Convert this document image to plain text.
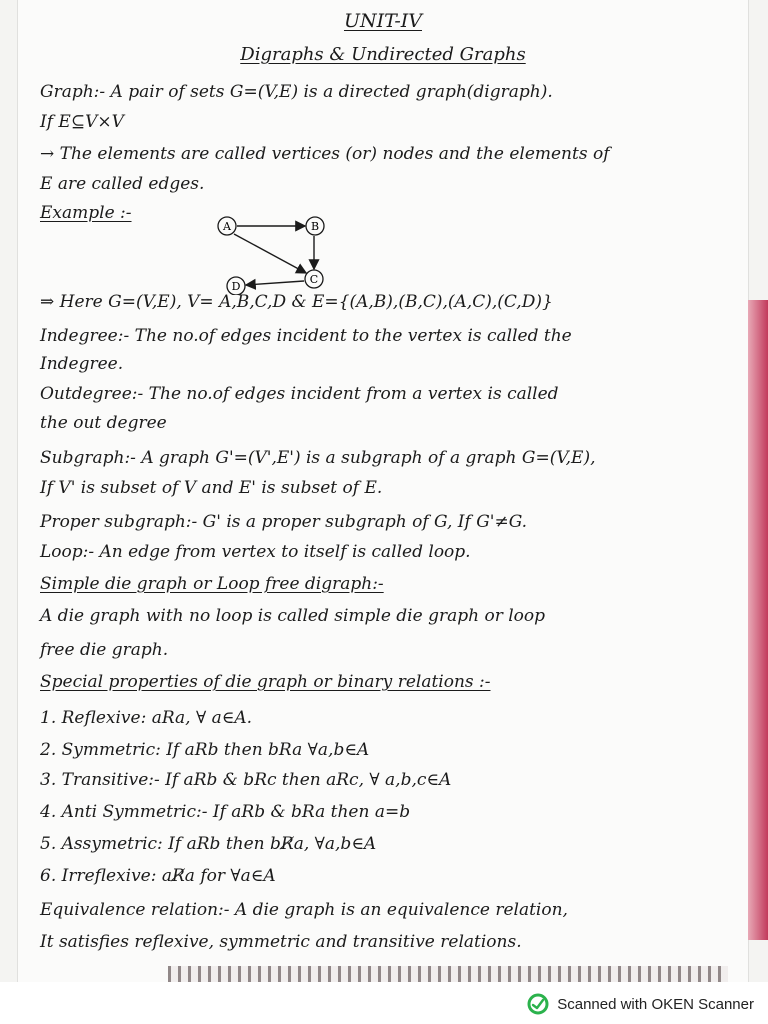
UNIT-IV
Digraphs & Undirected Graphs
Graph:- A pair of sets G=(V,E) is a directed graph(digraph).
If E⊆V×V
→ The elements are called vertices (or) nodes and the elements of
E are called edges.
Example :-
A	B
C
D
⇒ Here G=(V,E), V= A,B,C,D & E={(A,B),(B,C),(A,C),(C,D)}
Indegree:- The no.of edges incident to the vertex is called the
Indegree.
Outdegree:- The no.of edges incident from a vertex is called
the out degree
Subgraph:- A graph G'=(V',E') is a subgraph of a graph G=(V,E),
If V' is subset of V and E' is subset of E.
Proper subgraph:- G' is a proper subgraph of G, If G'≠G.
Loop:- An edge from vertex to itself is called loop.
Simple die graph or Loop free digraph:-
A die graph with no loop is called simple die graph or loop
free die graph.
Special properties of die graph or binary relations :-
1. Reflexive: aRa, ∀ a∈A.
2. Symmetric: If aRb then bRa ∀a,b∈A
3. Transitive:- If aRb & bRc then aRc, ∀ a,b,c∈A
4. Anti Symmetric:- If aRb & bRa then a=b
5. Assymetric: If aRb then bR̸a, ∀a,b∈A
6. Irreflexive: aR̸a for ∀a∈A
Equivalence relation:- A die graph is an equivalence relation,
It satisfies reflexive, symmetric and transitive relations.
Scanned with OKEN Scanner
